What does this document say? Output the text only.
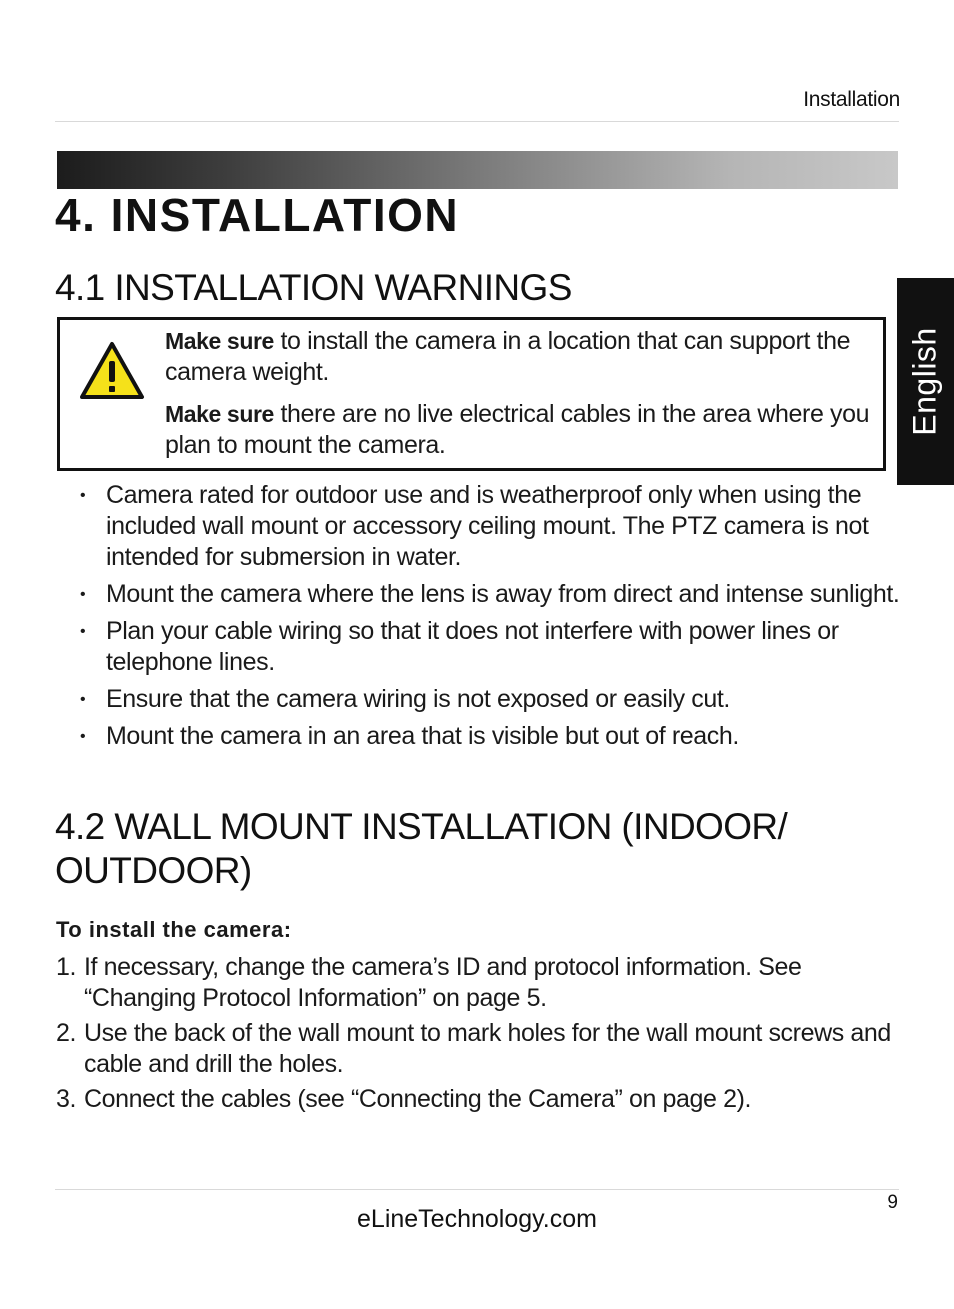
Installation
4. INSTALLATION
4.1 INSTALLATION WARNINGS
English
Make sure to install the camera in a location that can support the camera weight.
Make sure there are no live electrical cables in the area where you plan to mount the camera.
• Camera rated for outdoor use and is weatherproof only when using the included wall mount or accessory ceiling mount. The PTZ camera is not intended for submersion in water.
• Mount the camera where the lens is away from direct and intense sunlight.
• Plan your cable wiring so that it does not interfere with power lines or telephone lines.
• Ensure that the camera wiring is not exposed or easily cut.
• Mount the camera in an area that is visible but out of reach.
4.2 WALL MOUNT INSTALLATION (INDOOR/
OUTDOOR)
To install the camera:
1. If necessary, change the camera’s ID and protocol information. See “Changing Protocol Information” on page 5.
2. Use the back of the wall mount to mark holes for the wall mount screws and cable and drill the holes.
3. Connect the cables (see “Connecting the Camera” on page 2).
9
eLineTechnology.com
